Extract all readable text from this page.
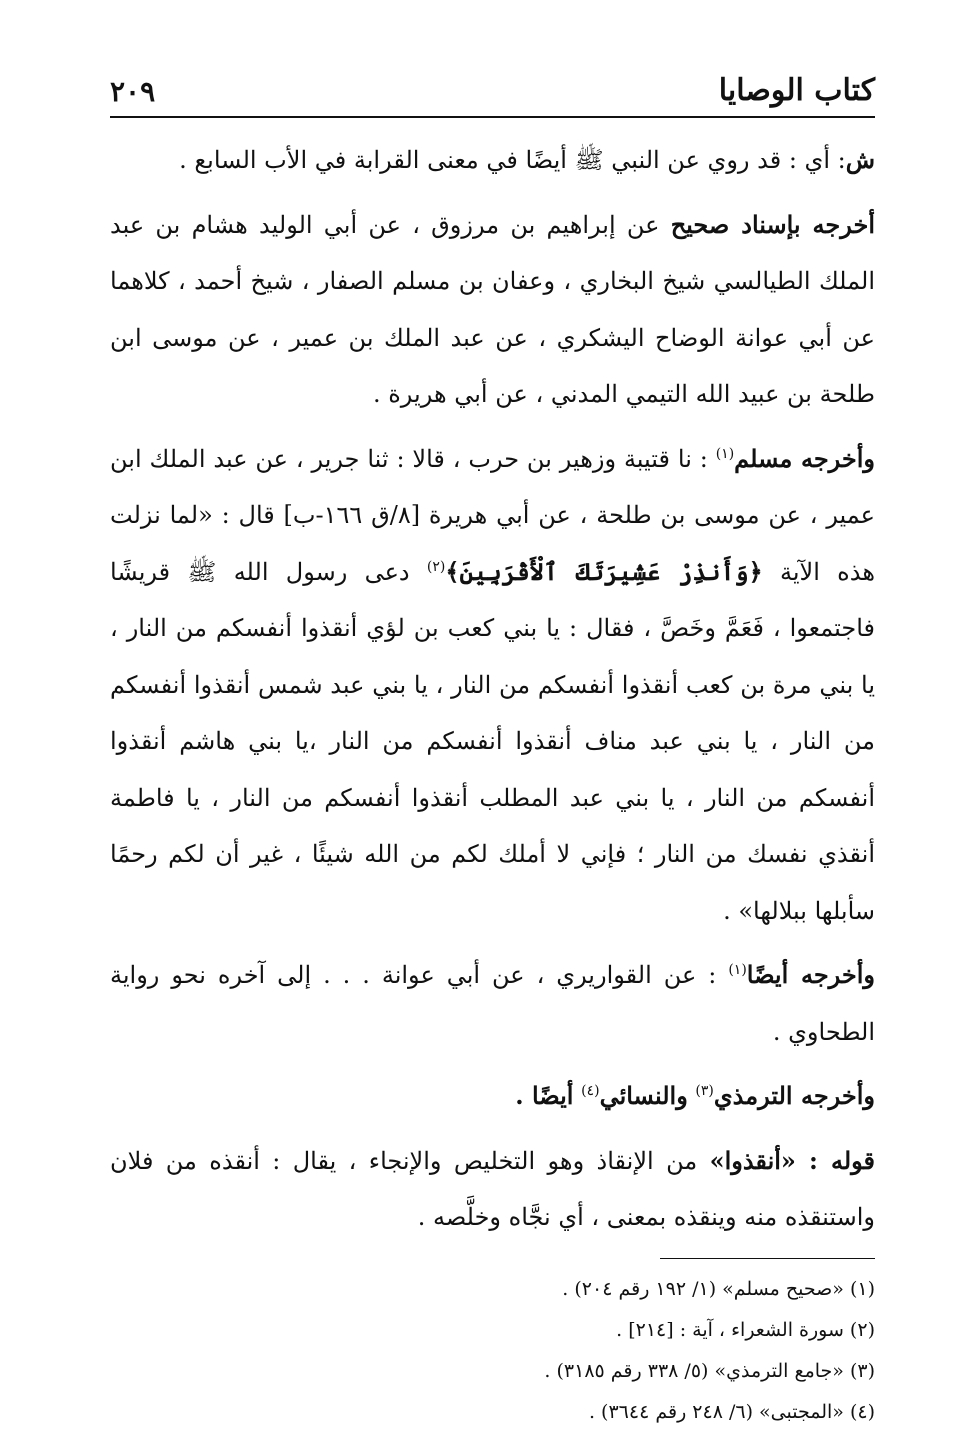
كتاب الوصايا
٢٠٩

ش: أي : قد روي عن النبي ﷺ أيضًا في معنى القرابة في الأب السابع .

أخرجه بإسناد صحيح عن إبراهيم بن مرزوق ، عن أبي الوليد هشام بن عبد الملك الطيالسي شيخ البخاري ، وعفان بن مسلم الصفار ، شيخ أحمد ، كلاهما عن أبي عوانة الوضاح اليشكري ، عن عبد الملك بن عمير ، عن موسى ابن طلحة بن عبيد الله التيمي المدني ، عن أبي هريرة .

وأخرجه مسلم$^{(١)}$ : نا قتيبة وزهير بن حرب ، قالا : ثنا جرير ، عن عبد الملك ابن عمير ، عن موسى بن طلحة ، عن أبي هريرة [٨/ق ١٦٦-ب] قال : «لما نزلت هذه الآية ﴿وَأَنذِرْ عَشِيرَتَكَ ٱلْأَقْرَبِينَ﴾$^{(٢)}$ دعى رسول الله ﷺ قريشًا فاجتمعوا ، فَعَمَّ وخَصَّ ، فقال : يا بني كعب بن لؤي أنقذوا أنفسكم من النار ، يا بني مرة بن كعب أنقذوا أنفسكم من النار ، يا بني عبد شمس أنقذوا أنفسكم من النار ، يا بني عبد مناف أنقذوا أنفسكم من النار ،يا بني هاشم أنقذوا أنفسكم من النار ، يا بني عبد المطلب أنقذوا أنفسكم من النار ، يا فاطمة أنقذي نفسك من النار ؛ فإني لا أملك لكم من الله شيئًا ، غير أن لكم رحمًا سأبلها ببلالها» .

وأخرجه أيضًا$^{(١)}$ : عن القواريري ، عن أبي عوانة . . . إلى آخره نحو رواية الطحاوي .

وأخرجه الترمذي$^{(٣)}$ والنسائي$^{(٤)}$ أيضًا .

قوله : «أنقذوا» من الإنقاذ وهو التخليص والإنجاء ، يقال : أنقذه من فلان واستنقذه منه وينقذه بمعنى ، أي نجَّاه وخلَّصه .

(١) «صحيح مسلم» (١/ ١٩٢ رقم ٢٠٤) .

(٢) سورة الشعراء ، آية : [٢١٤] .

(٣) «جامع الترمذي» (٥/ ٣٣٨ رقم ٣١٨٥) .

(٤) «المجتبى» (٦/ ٢٤٨ رقم ٣٦٤٤) .
